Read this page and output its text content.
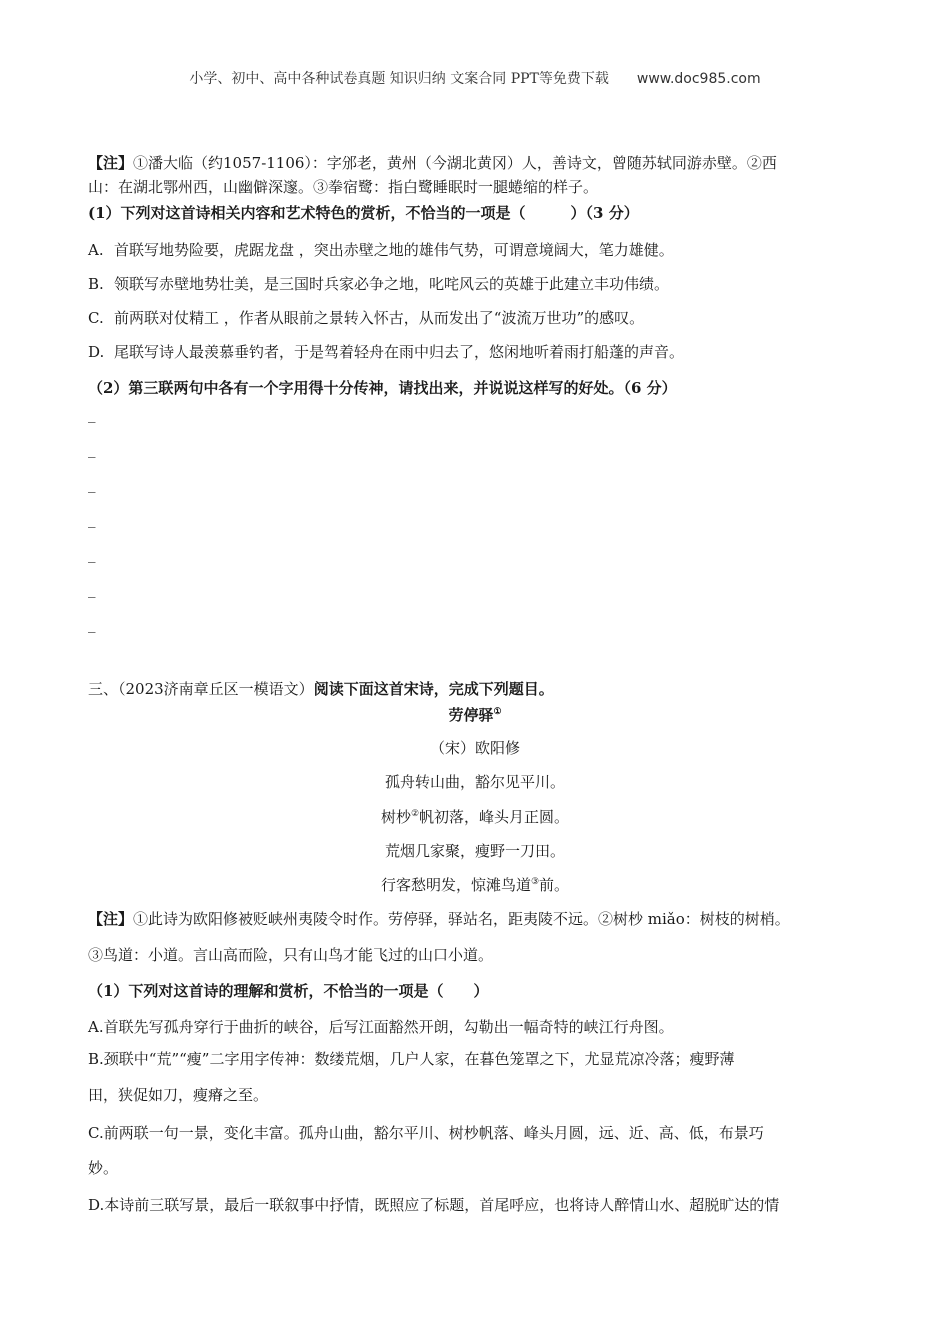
小学、初中、高中各种试卷真题 知识归纳 文案合同 PPT等免费下载 www.doc985.com
【注】①潘大临（约1057-1106）：字邠老，黄州（今湖北黄冈）人，善诗文，曾随苏轼同游赤壁。②西
山：在湖北鄂州西，山幽僻深邃。③拳宿鹭：指白鹭睡眠时一腿蜷缩的样子。
(1）下列对这首诗相关内容和艺术特色的赏析，不恰当的一项是（　　　）（3 分）
A. 首联写地势险要，虎踞龙盘 ，突出赤壁之地的雄伟气势，可谓意境阔大，笔力雄健。
B. 领联写赤壁地势壮美，是三国时兵家必争之地，叱咤风云的英雄于此建立丰功伟绩。
C. 前两联对仗精工 ，作者从眼前之景转入怀古，从而发出了“波流万世功”的感叹。
D. 尾联写诗人最羡慕垂钓者，于是驾着轻舟在雨中归去了，悠闲地听着雨打船蓬的声音。
（2）第三联两句中各有一个字用得十分传神，请找出来，并说说这样写的好处。（6 分）
_
_
_
_
_
_
_
三、（2023济南章丘区一模语文）阅读下面这首宋诗，完成下列题目。
劳停驿①
（宋）欧阳修
孤舟转山曲，豁尔见平川。
树杪②帆初落，峰头月正圆。
荒烟几家聚，瘦野一刀田。
行客愁明发，惊滩鸟道③前。
【注】①此诗为欧阳修被贬峡州夷陵令时作。劳停驿，驿站名，距夷陵不远。②树杪 miǎo：树枝的树梢。
③鸟道：小道。言山高而险，只有山鸟才能飞过的山口小道。
（1）下列对这首诗的理解和赏析，不恰当的一项是（　　）
A.首联先写孤舟穿行于曲折的峡谷，后写江面豁然开朗，勾勒出一幅奇特的峡江行舟图。
B.颈联中“荒”“瘦”二字用字传神：数缕荒烟，几户人家，在暮色笼罩之下，尤显荒凉冷落；瘦野薄
田，狭促如刀，瘦瘠之至。
C.前两联一句一景，变化丰富。孤舟山曲，豁尔平川、树杪帆落、峰头月圆，远、近、高、低，布景巧
妙。
D.本诗前三联写景，最后一联叙事中抒情，既照应了标题，首尾呼应，也将诗人醉情山水、超脱旷达的情
